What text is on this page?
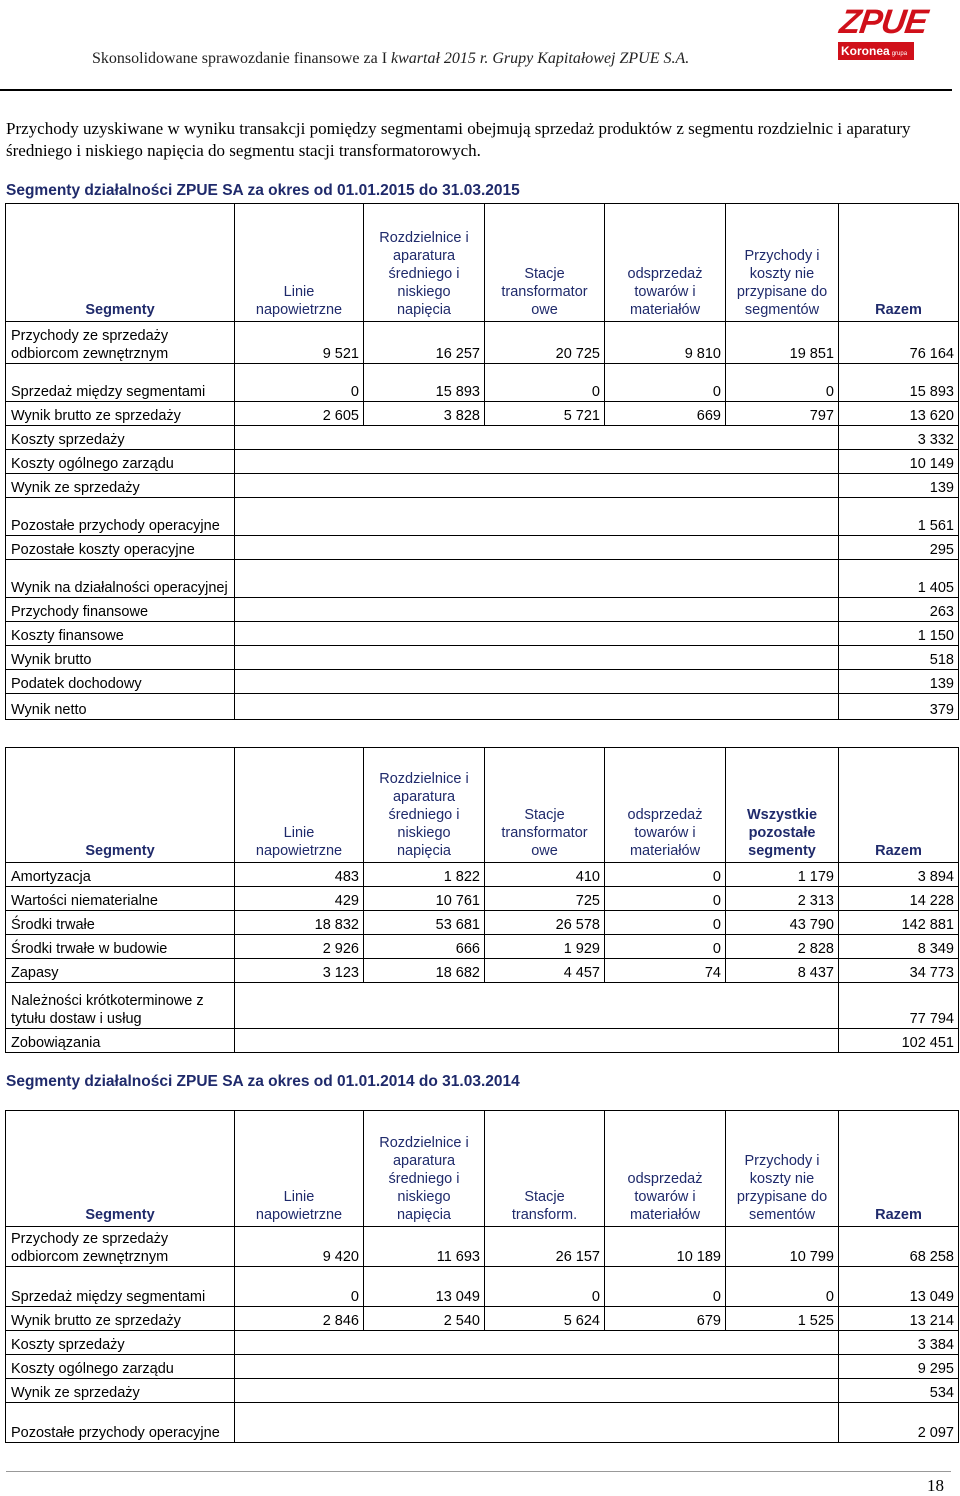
Skonsolidowane sprawozdanie finansowe za I kwartał 2015 r. Grupy Kapitałowej ZPUE S.A.
ZPUE
Koronea grupa
Przychody uzyskiwane w wyniku transakcji pomiędzy segmentami obejmują sprzedaż produktów z segmentu rozdzielnic i aparatury średniego i niskiego napięcia do segmentu stacji transformatorowych.
Segmenty działalności ZPUE SA za okres od 01.01.2015 do 31.03.2015
Segmenty	Linie napowietrzne	Rozdzielnice i aparatura średniego i niskiego napięcia	Stacje transformator owe	odsprzedaż towarów i materiałów	Przychody i koszty nie przypisane do segmentów	Razem
Przychody ze sprzedaży odbiorcom zewnętrznym	9 521	16 257	20 725	9 810	19 851	76 164
Sprzedaż między segmentami	0	15 893	0	0	0	15 893
Wynik brutto ze sprzedaży	2 605	3 828	5 721	669	797	13 620
Koszty sprzedaży						3 332
Koszty ogólnego zarządu						10 149
Wynik ze sprzedaży						139
Pozostałe przychody operacyjne						1 561
Pozostałe koszty operacyjne						295
Wynik na działalności operacyjnej						1 405
Przychody finansowe						263
Koszty finansowe						1 150
Wynik brutto						518
Podatek dochodowy						139
Wynik netto						379
Segmenty	Linie napowietrzne	Rozdzielnice i aparatura średniego i niskiego napięcia	Stacje transformator owe	odsprzedaż towarów i materiałów	Wszystkie pozostałe segmenty	Razem
Amortyzacja	483	1 822	410	0	1 179	3 894
Wartości niematerialne	429	10 761	725	0	2 313	14 228
Środki trwałe	18 832	53 681	26 578	0	43 790	142 881
Środki trwałe w budowie	2 926	666	1 929	0	2 828	8 349
Zapasy	3 123	18 682	4 457	74	8 437	34 773
Należności krótkoterminowe z tytułu dostaw i usług						77 794
Zobowiązania						102 451
Segmenty działalności ZPUE SA za okres od 01.01.2014 do 31.03.2014
Segmenty	Linie napowietrzne	Rozdzielnice i aparatura średniego i niskiego napięcia	Stacje transform.	odsprzedaż towarów i materiałów	Przychody i koszty nie przypisane do sementów	Razem
Przychody ze sprzedaży odbiorcom zewnętrznym	9 420	11 693	26 157	10 189	10 799	68 258
Sprzedaż między segmentami	0	13 049	0	0	0	13 049
Wynik brutto ze sprzedaży	2 846	2 540	5 624	679	1 525	13 214
Koszty sprzedaży						3 384
Koszty ogólnego zarządu						9 295
Wynik ze sprzedaży						534
Pozostałe przychody operacyjne						2 097
18
